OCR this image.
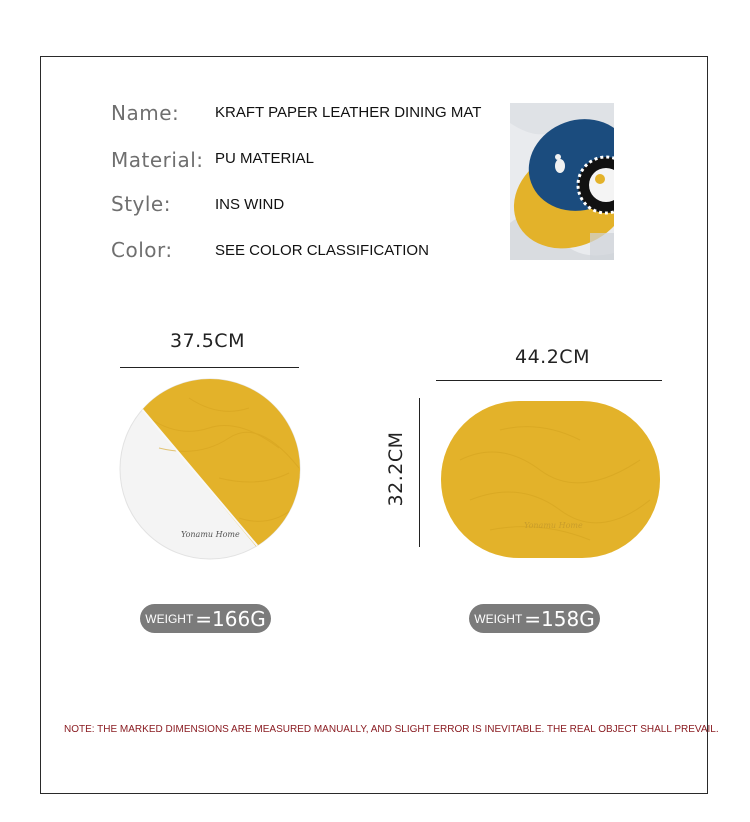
Name: KRAFT PAPER LEATHER DINING MAT
Material: PU MATERIAL
Style:	INS WIND
Color:	SEE COLOR CLASSIFICATION
37.5CM
Yonamu Home
44.2CM
32.2CM
Yonamu Home
WEIGHT =166G	WEIGHT =158G
NOTE: THE MARKED DIMENSIONS ARE MEASURED MANUALLY, AND SLIGHT ERROR IS INEVITABLE. THE REAL OBJECT SHALL PREVAIL.
